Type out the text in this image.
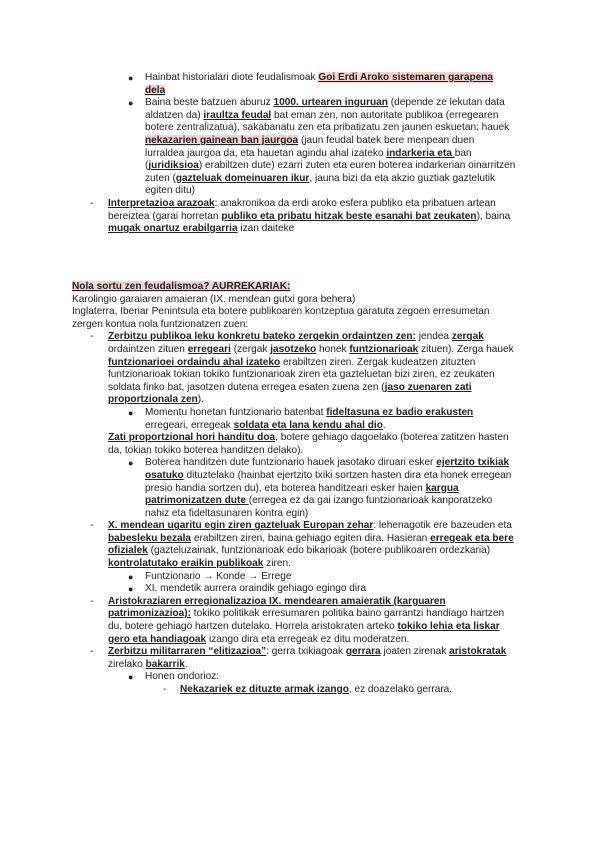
● Hainbat historialari diote feudalismoak Goi Erdi Aroko sistemaren garapena dela
● Baina beste batzuen aburuz 1000. urtearen inguruan (depende ze lekutan data aldatzen da) iraultza feudal bat eman zen, non autoritate publikoa (erregearen botere zentralizatua), sakabanatu zen eta pribatizatu zen jaunen eskuetan: hauek nekazarien gainean ban jaurgoa (jaun feudal batek bere menpean duen lurraldea jaurgoa da, eta hauetan agindu ahal izateko indarkeria eta ban (juridiksioa) erabiltzen dute) ezarri zuten eta euren boterea indarkerian oinarritzen zuten (gazteluak domeinuaren ikur, jauna bizi da eta akzio guztiak gaztelutik egiten ditu)
- Interpretazioa arazoak: anakronikoa da erdi aroko esfera publiko eta pribatuen artean bereiztea (garai horretan publiko eta pribatu hitzak beste esanahi bat zeukaten), baina mugak onartuz erabilgarria izan daiteke
Nola sortu zen feudalismoa? AURREKARIAK:
Karolingio garaiaren amaieran (IX. mendean gutxi gora behera)
Inglaterra, Iberiar Penintsula eta botere publikoaren kontzeptua garatuta zegoen erresumetan zergen kontua nola funtzionatzen zuen:
- Zerbitzu publikoa leku konkretu bateko zergekin ordaintzen zen: jendea zergak ordaintzen zituen erregeari (zergak jasotzeko honek funtzionarioak zituen). Zerga hauek funtzionarioei ordaindu ahal izateko erabiltzen ziren. Zergak kudeatzen zituzten funtzionarioak tokian tokiko funtzionarioak ziren eta gazteluetan bizi ziren, ez zeukaten soldata finko bat, jasotzen dutena erregea esaten zuena zen (jaso zuenaren zati proportzionala zen).
● Momentu honetan funtzionario batenbat fideltasuna ez badio erakusten erregeari, erregeak soldata eta lana kendu ahal dio.
Zati proportzional hori handitu doa, botere gehiago dagoelako (boterea zatitzen hasten da, tokian tokiko boterea handitzen delako).
● Boterea handitzen dute funtzionario hauek jasotako diruari esker ejertzito txikiak osatuko dituztelako (hainbat ejertzito txiki sortzen hasten dira eta honek erregean presio handia sortzen du), eta boterea handitzeari esker haien kargua patrimonizatzen dute (erregea ez da gai izango funtzionarioak kanporatzeko nahiz eta fideltasunaren kontra egin)
- X. mendean ugaritu egin ziren gazteluak Europan zehar: lehenagotik ere bazeuden eta babesleku bezala erabiltzen ziren, baina gehiago egiten dira. Hasieran erregeak eta bere ofizialek (gazteluzainak, funtzionarioak edo bikarioak (botere publikoaren ordezkaria) kontrolatutako eraikin publikoak ziren.
● Funtzionario → Konde → Errege
● XI. mendetik aurrera oraindik gehiago egingo dira
- Aristokraziaren erregionalizazioa IX. mendearen amaieratik (karguaren patrimonizazioa): tokiko politikak erresumaren politika baino garrantzi handiago hartzen du, botere gehiago hartzen dutelako. Horrela aristokraten arteko tokiko lehia eta liskar gero eta handiagoak izango dira eta erregeak ez ditu moderatzen.
- Zerbitzu militarraren “elitizazioa”: gerra txikiagoak gerrara joaten zirenak aristokratak zirelako bakarrik.
● Honen ondorioz:
- Nekazariek ez dituzte armak izango, ez doazelako gerrara.
